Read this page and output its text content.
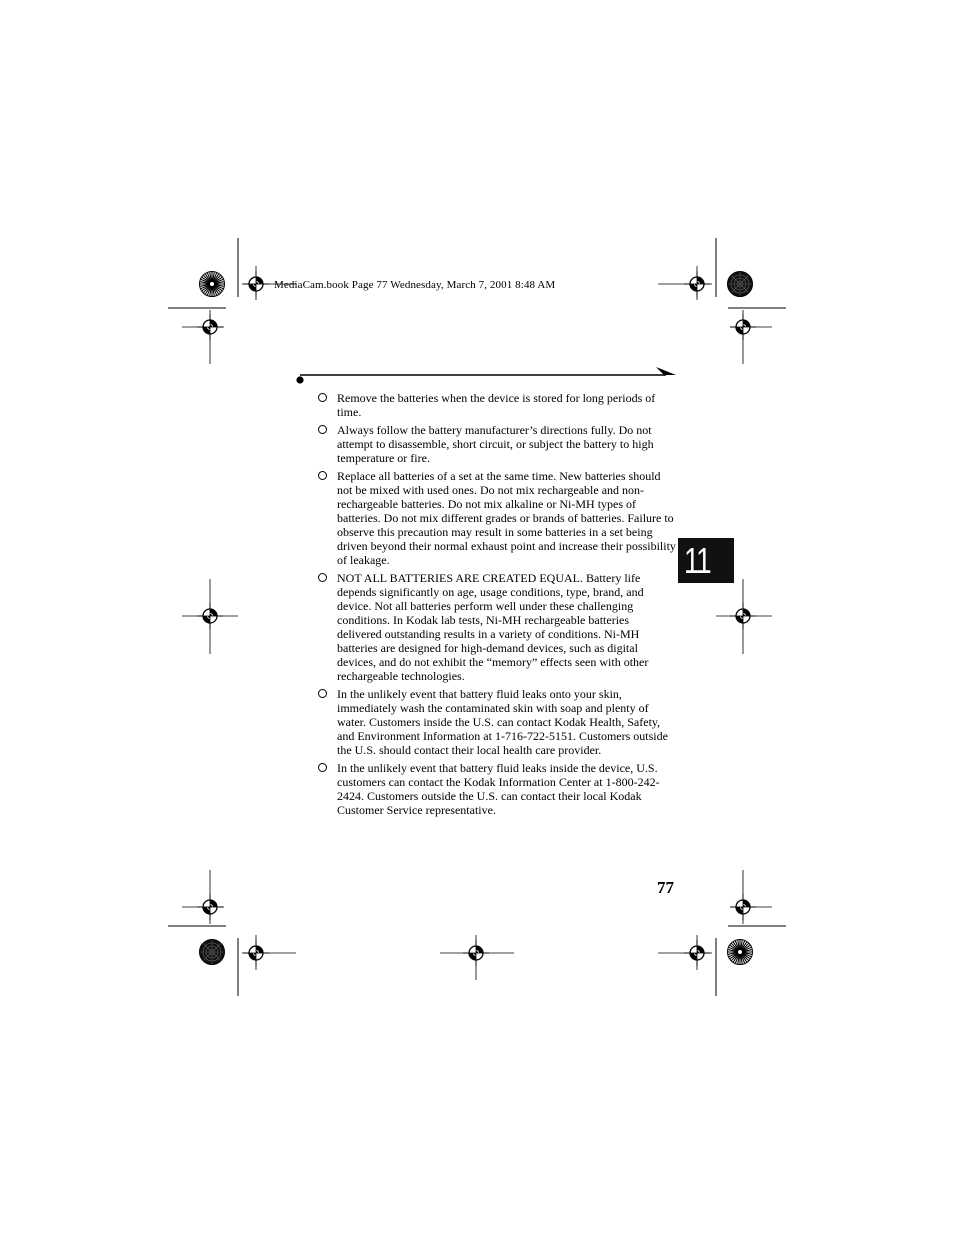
MediaCam.book Page 77 Wednesday, March 7, 2001 8:48 AM
Remove the batteries when the device is stored for long periods of time.
Always follow the battery manufacturer’s directions fully. Do not attempt to disassemble, short circuit, or subject the battery to high temperature or fire.
Replace all batteries of a set at the same time. New batteries should not be mixed with used ones. Do not mix rechargeable and non-rechargeable batteries. Do not mix alkaline or Ni-MH types of batteries. Do not mix different grades or brands of batteries. Failure to observe this precaution may result in some batteries in a set being driven beyond their normal exhaust point and increase their possibility of leakage.
NOT ALL BATTERIES ARE CREATED EQUAL. Battery life depends significantly on age, usage conditions, type, brand, and device. Not all batteries perform well under these challenging conditions. In Kodak lab tests, Ni-MH rechargeable batteries delivered outstanding results in a variety of conditions. Ni-MH batteries are designed for high-demand devices, such as digital devices, and do not exhibit the “memory” effects seen with other rechargeable technologies.
In the unlikely event that battery fluid leaks onto your skin, immediately wash the contaminated skin with soap and plenty of water. Customers inside the U.S. can contact Kodak Health, Safety, and Environment Information at 1-716-722-5151. Customers outside the U.S. should contact their local health care provider.
In the unlikely event that battery fluid leaks inside the device, U.S. customers can contact the Kodak Information Center at 1-800-242-2424. Customers outside the U.S. can contact their local Kodak Customer Service representative.
11
77
